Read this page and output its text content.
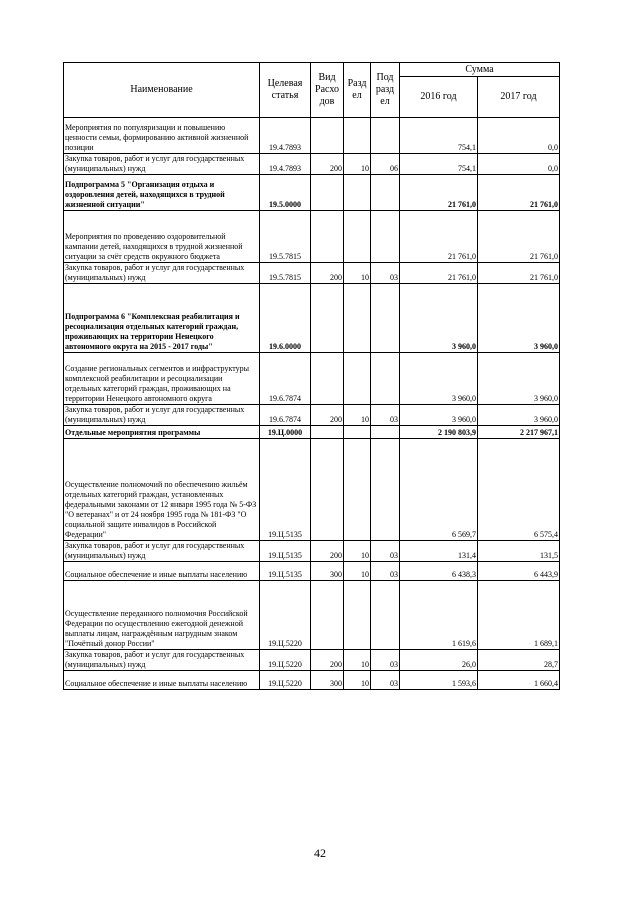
Наименование	Целевая статья	Вид Расхо дов	Разд ел	Под разд ел	Сумма	
					2016 год	2017 год
Мероприятия по популяризации и повышению ценности семьи, формированию активной жизненной позиции	19.4.7893				754,1	0,0
Закупка товаров, работ и услуг для государственных (муниципальных) нужд	19.4.7893	200	10	06	754,1	0,0
Подпрограмма 5 "Организация отдыха и оздоровления детей, находящихся в трудной жизненной ситуации"	19.5.0000				21 761,0	21 761,0
Мероприятия по проведению оздоровительной кампании детей, находящихся в трудной жизненной ситуации за счёт средств окружного бюджета	19.5.7815				21 761,0	21 761,0
Закупка товаров, работ и услуг для государственных (муниципальных) нужд	19.5.7815	200	10	03	21 761,0	21 761,0
Подпрограмма 6 "Комплексная реабилитация и ресоциализация отдельных категорий граждан, проживающих на территории Ненецкого автономного округа на 2015 - 2017 годы"	19.6.0000				3 960,0	3 960,0
Создание региональных сегментов и инфраструктуры комплексной реабилитации и ресоциализации отдельных категорий граждан, проживающих на территории Ненецкого автономного округа	19.6.7874				3 960,0	3 960,0
Закупка товаров, работ и услуг для государственных (муниципальных) нужд	19.6.7874	200	10	03	3 960,0	3 960,0
Отдельные мероприятия программы	19.Ц.0000				2 190 803,9	2 217 967,1
Осуществление полномочий по обеспечению жильём отдельных категорий граждан, установленных федеральными законами от 12 января 1995 года № 5-ФЗ "О ветеранах" и от 24 ноября 1995 года № 181-ФЗ "О социальной защите инвалидов в Российской Федерации"	19.Ц.5135				6 569,7	6 575,4
Закупка товаров, работ и услуг для государственных (муниципальных) нужд	19.Ц.5135	200	10	03	131,4	131,5
Социальное обеспечение и иные выплаты населению	19.Ц.5135	300	10	03	6 438,3	6 443,9
Осуществление переданного полномочия Российской Федерации по осуществлению ежегодной денежной выплаты лицам, награждённым нагрудным знаком "Почётный донор России"	19.Ц.5220				1 619,6	1 689,1
Закупка товаров, работ и услуг для государственных (муниципальных) нужд	19.Ц.5220	200	10	03	26,0	28,7
Социальное обеспечение и иные выплаты населению	19.Ц.5220	300	10	03	1 593,6	1 660,4
42
